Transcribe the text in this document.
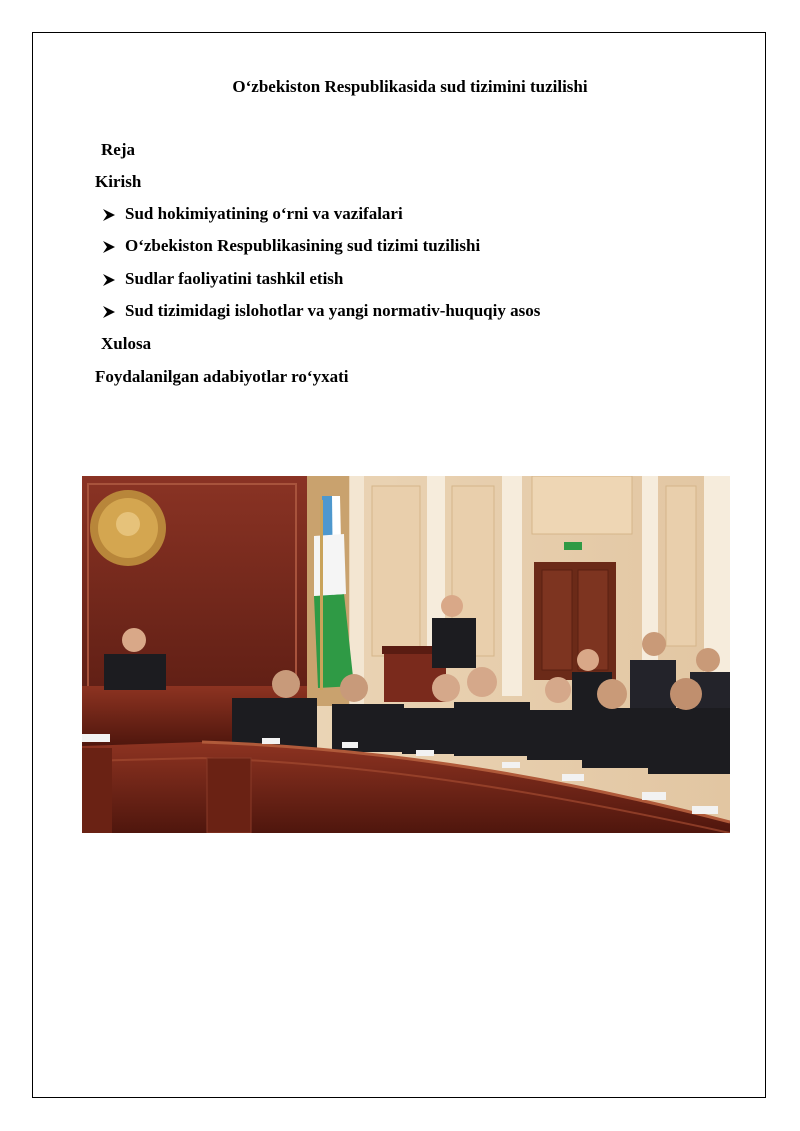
O‘zbekiston Respublikasida sud tizimini tuzilishi
Reja
Kirish
Sud hokimiyatining o‘rni va vazifalari
O‘zbekiston Respublikasining sud tizimi tuzilishi
Sudlar faoliyatini tashkil etish
Sud tizimidagi islohotlar va yangi normativ-huquqiy asos
Xulosa
Foydalanilgan adabiyotlar ro‘yxati
